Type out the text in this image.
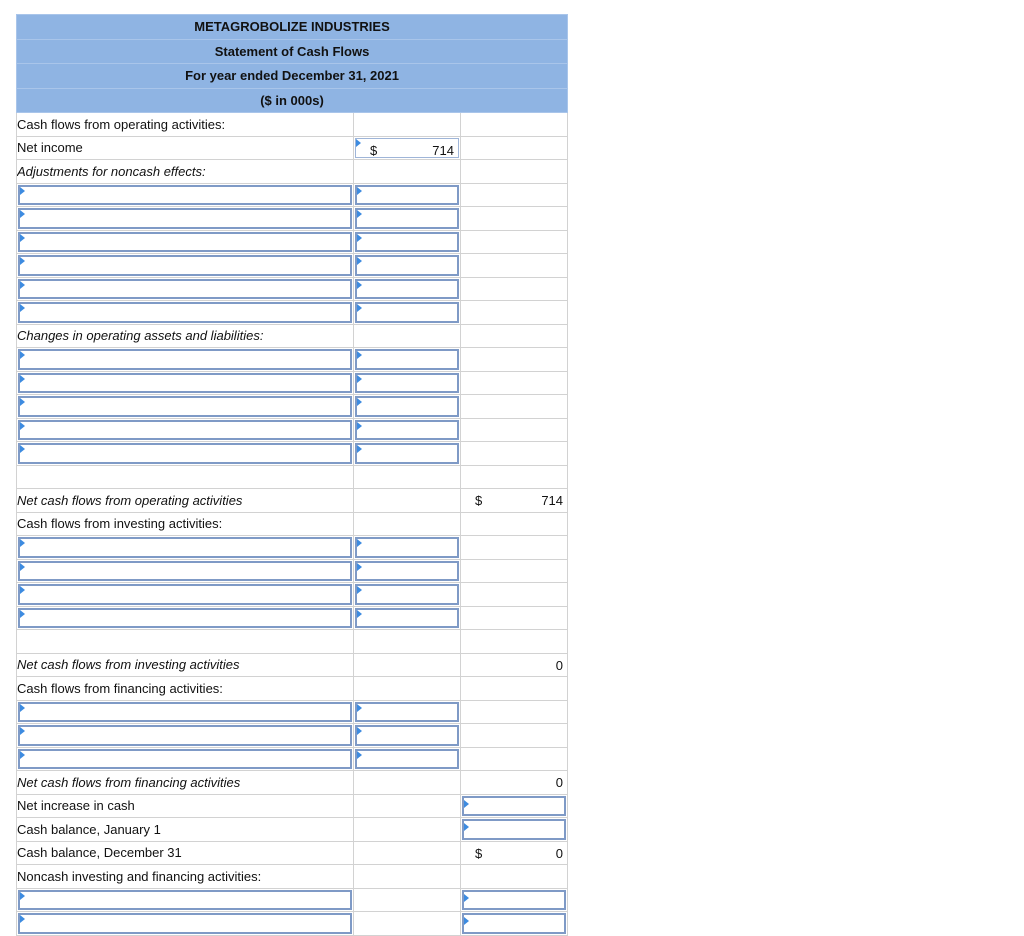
METAGROBOLIZE INDUSTRIES		
Statement of Cash Flows		
For year ended December 31, 2021		
($ in 000s)		
Cash flows from operating activities:		
Net income	$ 714	

Adjustments for noncash effects:		

Changes in operating assets and liabilities:		

Net cash flows from operating activities		$ 714

Cash flows from investing activities:		

Net cash flows from investing activities		0

Cash flows from financing activities:		

Net cash flows from financing activities		0

Net increase in cash		

Cash balance, January 1		

Cash balance, December 31		$ 0

Noncash investing and financing activities:		
